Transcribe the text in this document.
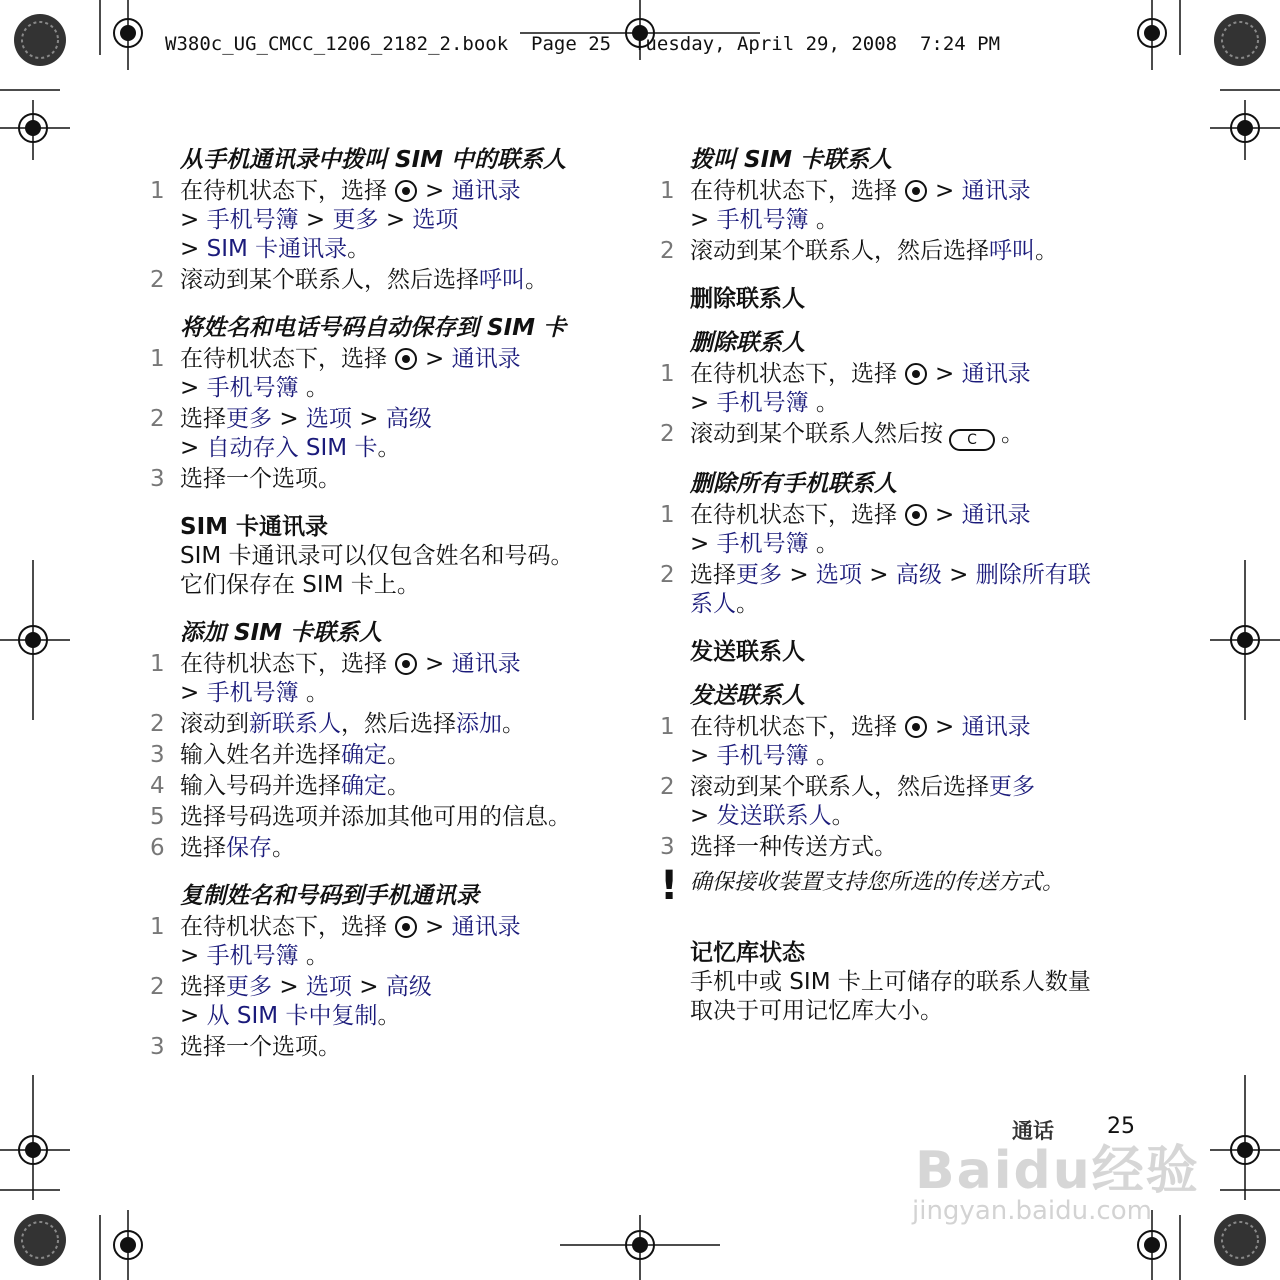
W380c_UG_CMCC_1206_2182_2.book  Page 25  Tuesday, April 29, 2008  7:24 PM
从手机通讯录中拨叫 SIM 中的联系人
1 在待机状态下，选择 > 通讯录
> 手机号簿 > 更多 > 选项
> SIM 卡通讯录。
2 滚动到某个联系人，然后选择呼叫。
将姓名和电话号码自动保存到 SIM 卡
1 在待机状态下，选择 > 通讯录
> 手机号簿 。
2 选择更多 > 选项 > 高级
> 自动存入 SIM 卡。
3 选择一个选项。
SIM 卡通讯录
SIM 卡通讯录可以仅包含姓名和号码。它们保存在 SIM 卡上。
添加 SIM 卡联系人
1 在待机状态下，选择 > 通讯录
> 手机号簿 。
2 滚动到新联系人，然后选择添加。
3 输入姓名并选择确定。
4 输入号码并选择确定。
5 选择号码选项并添加其他可用的信息。
6 选择保存。
复制姓名和号码到手机通讯录
1 在待机状态下，选择 > 通讯录
> 手机号簿 。
2 选择更多 > 选项 > 高级
> 从 SIM 卡中复制。
3 选择一个选项。
拨叫 SIM 卡联系人
1 在待机状态下，选择 > 通讯录
> 手机号簿 。
2 滚动到某个联系人，然后选择呼叫。
删除联系人
删除联系人
1 在待机状态下，选择 > 通讯录
> 手机号簿 。
2 滚动到某个联系人然后按 C 。
删除所有手机联系人
1 在待机状态下，选择 > 通讯录
> 手机号簿 。
2 选择更多 > 选项 > 高级 > 删除所有联系人。
发送联系人
发送联系人
1 在待机状态下，选择 > 通讯录
> 手机号簿 。
2 滚动到某个联系人，然后选择更多
> 发送联系人。
3 选择一种传送方式。
! 确保接收装置支持您所选的传送方式。
记忆库状态
手机中或 SIM 卡上可储存的联系人数量取决于可用记忆库大小。
Baidu经验
jingyan.baidu.com
通话 25
